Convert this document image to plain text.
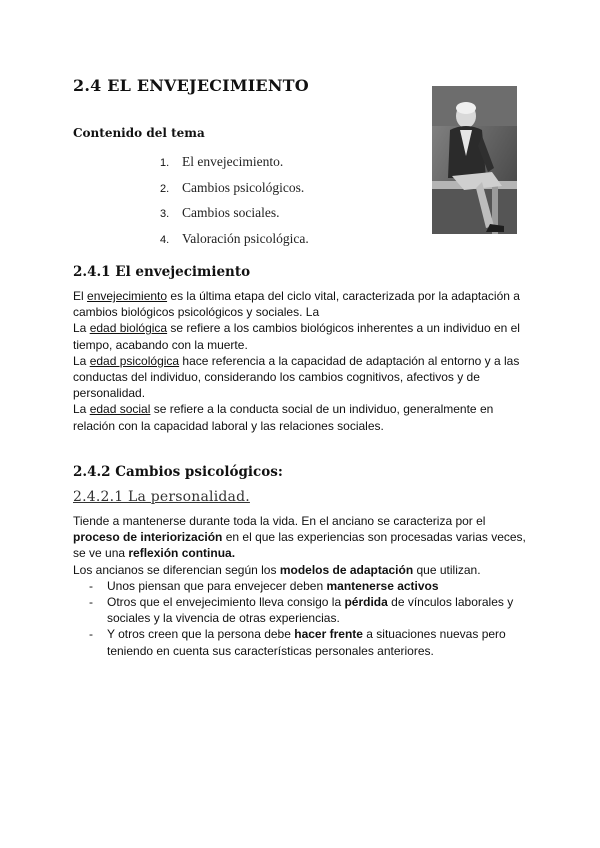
2.4 EL ENVEJECIMIENTO
Contenido del tema
1. El envejecimiento.
2. Cambios psicológicos.
3. Cambios sociales.
4. Valoración psicológica.
2.4.1 El envejecimiento

El envejecimiento es la última etapa del ciclo vital, caracterizada por la adaptación a cambios biológicos psicológicos y sociales. La

La edad biológica se refiere a los cambios biológicos inherentes a un individuo en el tiempo, acabando con la muerte.

La edad psicológica hace referencia a la capacidad de adaptación al entorno y a las conductas del individuo, considerando los cambios cognitivos, afectivos y de personalidad.

La edad social se refiere a la conducta social de un individuo, generalmente en relación con la capacidad laboral y las relaciones sociales.

2.4.2 Cambios psicológicos:
2.4.2.1 La personalidad.

Tiende a mantenerse durante toda la vida. En el anciano se caracteriza por el proceso de interiorización en el que las experiencias son procesadas varias veces, se ve una reflexión continua.

Los ancianos se diferencian según los modelos de adaptación que utilizan.

- Unos piensan que para envejecer deben mantenerse activos
- Otros que el envejecimiento lleva consigo la pérdida de vínculos laborales y sociales y la vivencia de otras experiencias.
- Y otros creen que la persona debe hacer frente a situaciones nuevas pero teniendo en cuenta sus características personales anteriores.
